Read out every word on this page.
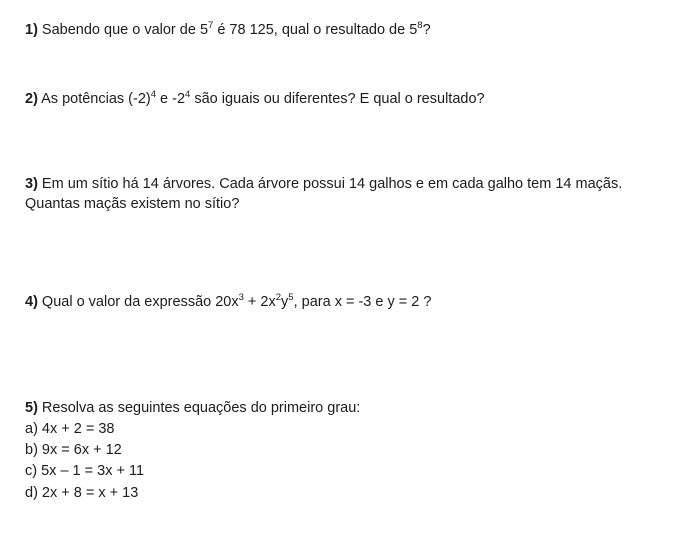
1) Sabendo que o valor de $5^7$ é 78 125, qual o resultado de $5^8$?
2) As potências $(-2)^4$ e $-2^4$ são iguais ou diferentes? E qual o resultado?
3) Em um sítio há 14 árvores. Cada árvore possui 14 galhos e em cada galho tem 14 maçãs.
Quantas maçãs existem no sítio?
4) Qual o valor da expressão $20x^3 + 2x^2y^5$, para x = -3 e y = 2 ?
5) Resolva as seguintes equações do primeiro grau:
a) 4x + 2 = 38
b) 9x = 6x + 12
c) 5x – 1 = 3x + 11
d) 2x + 8 = x + 13
